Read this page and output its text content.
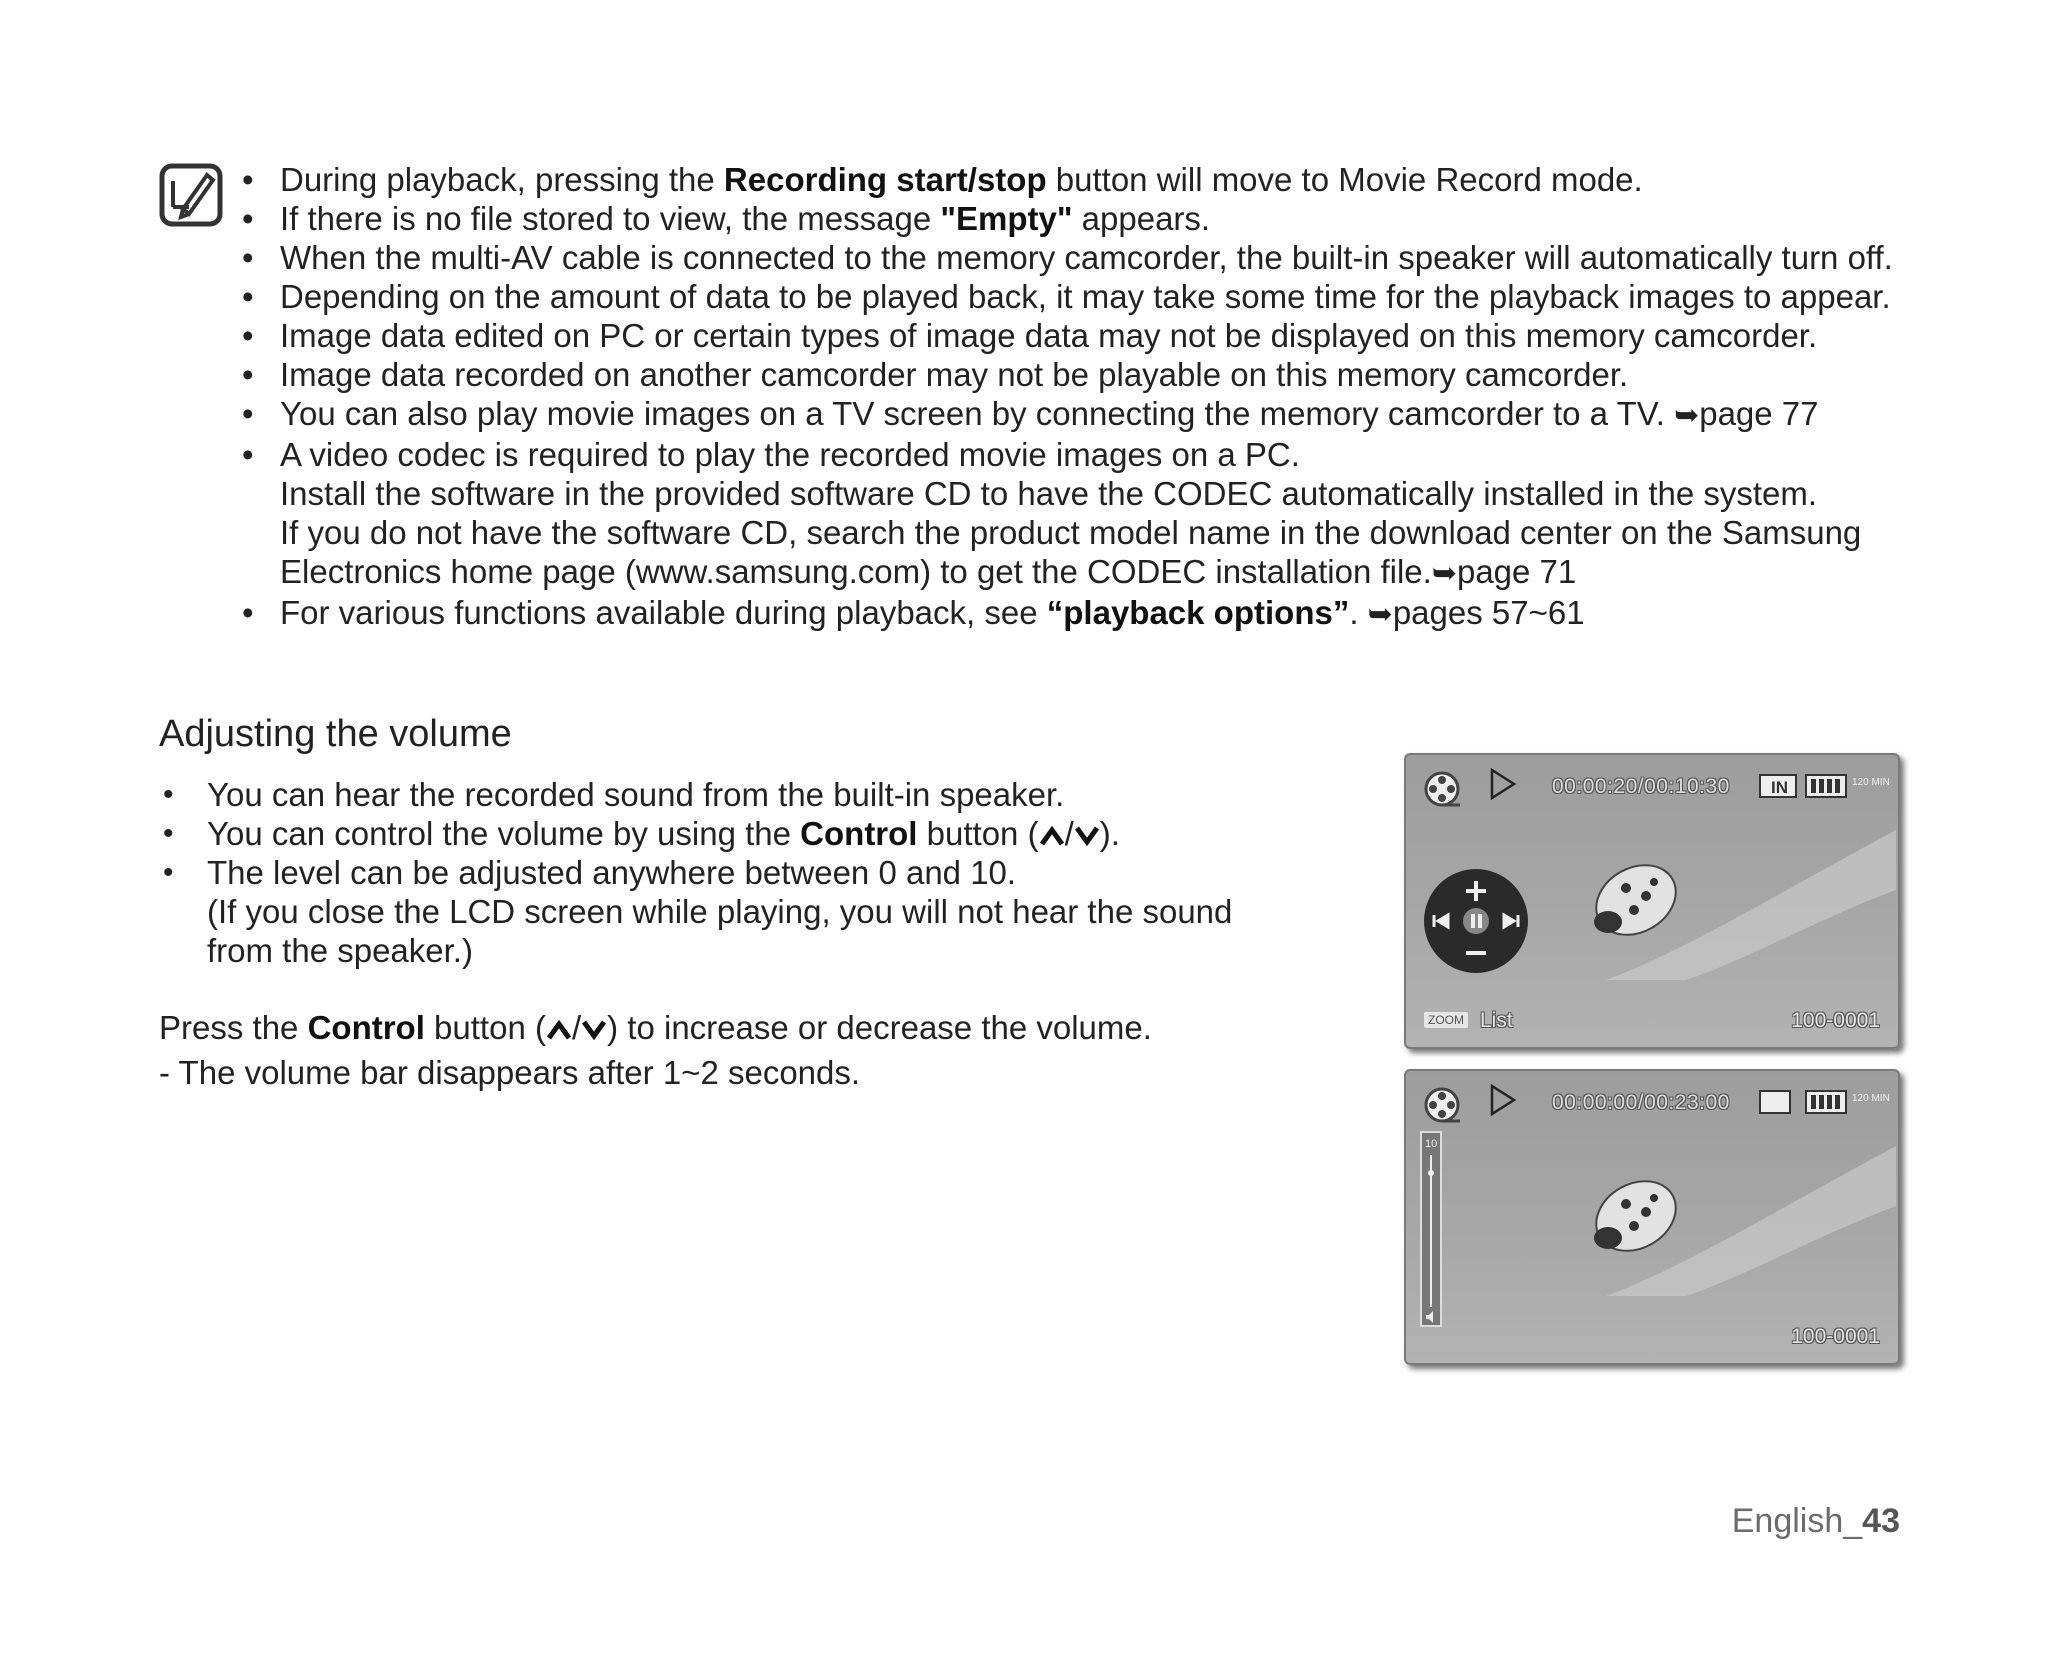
• During playback, pressing the Recording start/stop button will move to Movie Record mode.
• If there is no file stored to view, the message "Empty" appears.
• When the multi-AV cable is connected to the memory camcorder, the built-in speaker will automatically turn off.
• Depending on the amount of data to be played back, it may take some time for the playback images to appear.
• Image data edited on PC or certain types of image data may not be displayed on this memory camcorder.
• Image data recorded on another camcorder may not be playable on this memory camcorder.
• You can also play movie images on a TV screen by connecting the memory camcorder to a TV. ➥page 77
• A video codec is required to play the recorded movie images on a PC.
Install the software in the provided software CD to have the CODEC automatically installed in the system.
If you do not have the software CD, search the product model name in the download center on the Samsung
Electronics home page (www.samsung.com) to get the CODEC installation file.➥page 71
• For various functions available during playback, see “playback options”. ➥pages 57~61
Adjusting the volume
• You can hear the recorded sound from the built-in speaker.
• You can control the volume by using the Control button ( / ).
• The level can be adjusted anywhere between 0 and 10.
(If you close the LCD screen while playing, you will not hear the sound
from the speaker.)

Press the Control button ( / ) to increase or decrease the volume.

- The volume bar disappears after 1~2 seconds.

00:00:20/00:10:30 IN	120 MIN
ZOOM List	100-0001
00:00:00/00:23:00	120 MIN
10
100-0001

English_43
